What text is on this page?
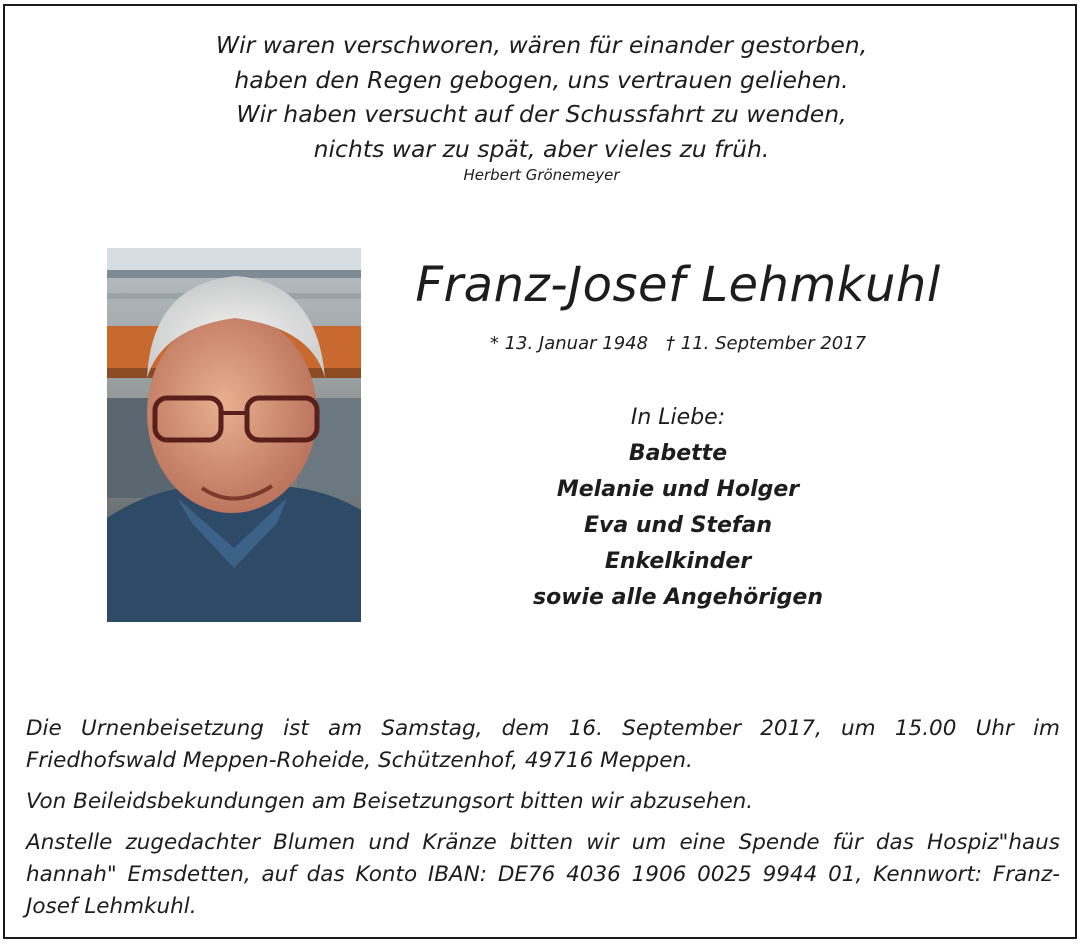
Wir waren verschworen, wären für einander gestorben,
haben den Regen gebogen, uns vertrauen geliehen.
Wir haben versucht auf der Schussfahrt zu wenden,
nichts war zu spät, aber vieles zu früh.
Herbert Grönemeyer
Franz-Josef Lehmkuhl
* 13. Januar 1948 † 11. September 2017
In Liebe:
Babette
Melanie und Holger
Eva und Stefan
Enkelkinder
sowie alle Angehörigen

Die Urnenbeisetzung ist am Samstag, dem 16. September 2017, um 15.00 Uhr im Friedhofswald Meppen-Roheide, Schützenhof, 49716 Meppen.

Von Beileidsbekundungen am Beisetzungsort bitten wir abzusehen.

Anstelle zugedachter Blumen und Kränze bitten wir um eine Spende für das Hospiz"haus hannah" Emsdetten, auf das Konto IBAN: DE76 4036 1906 0025 9944 01, Kennwort: Franz-Josef Lehmkuhl.
